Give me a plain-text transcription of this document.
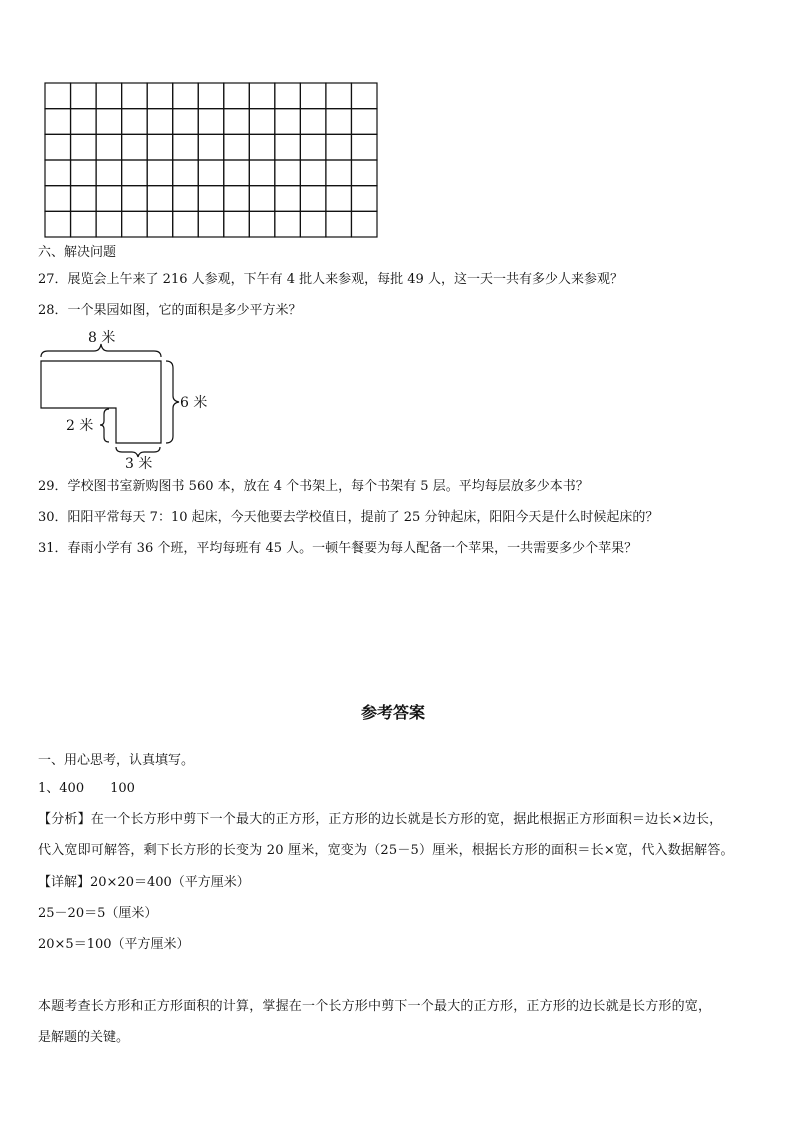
六、解决问题
27．展览会上午来了 216 人参观，下午有 4 批人来参观，每批 49 人，这一天一共有多少人来参观？
28．一个果园如图，它的面积是多少平方米？
8 米
6 米
2 米
3 米
29．学校图书室新购图书 560 本，放在 4 个书架上，每个书架有 5 层。平均每层放多少本书？
30．阳阳平常每天 7：10 起床，今天他要去学校值日，提前了 25 分钟起床，阳阳今天是什么时候起床的？
31．春雨小学有 36 个班，平均每班有 45 人。一顿午餐要为每人配备一个苹果，一共需要多少个苹果？
参考答案
一、用心思考，认真填写。
1、400　　100
【分析】在一个长方形中剪下一个最大的正方形，正方形的边长就是长方形的宽，据此根据正方形面积＝边长×边长，
代入宽即可解答，剩下长方形的长变为 20 厘米，宽变为（25－5）厘米，根据长方形的面积＝长×宽，代入数据解答。
【详解】20×20＝400（平方厘米）
25－20＝5（厘米）
20×5＝100（平方厘米）
本题考查长方形和正方形面积的计算，掌握在一个长方形中剪下一个最大的正方形，正方形的边长就是长方形的宽，
是解题的关键。
